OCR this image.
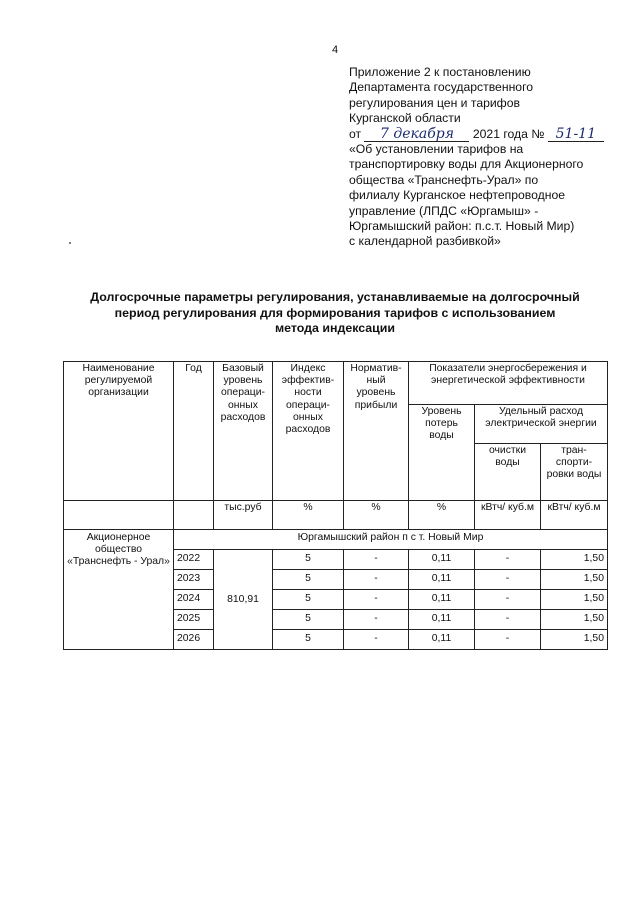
4
Приложение 2 к постановлению
Департамента государственного
регулирования цен и тарифов
Курганской области
от 7 декабря 2021 года № 51-11
«Об установлении тарифов на
транспортировку воды для Акционерного
общества «Транснефть-Урал» по
филиалу Курганское нефтепроводное
управление (ЛПДС «Юргамыш» -
Юргамышский район: п.с.т. Новый Мир)
с календарной разбивкой»
Долгосрочные параметры регулирования, устанавливаемые на долгосрочный
период регулирования для формирования тарифов с использованием
метода индексации
Наименование регулируемой организации	Год	Базовый уровень операци-онных расходов	Индекс эффектив-ности операци-онных расходов	Норматив-ный уровень прибыли	Показатели энергосбережения и энергетической эффективности		
					Уровень потерь воды	Удельный расход электрической энергии	
						очистки воды	тран-спорти-ровки воды
		тыс.руб	%	%	%	кВтч/ куб.м	кВтч/ куб.м
Акционерное общество «Транснефть - Урал»	Юргамышский район п с т. Новый Мир						
	2022	810,91	5	-	0,11	-	1,50
	2023		5	-	0,11	-	1,50
	2024		5	-	0,11	-	1,50
	2025		5	-	0,11	-	1,50
	2026		5	-	0,11	-	1,50
